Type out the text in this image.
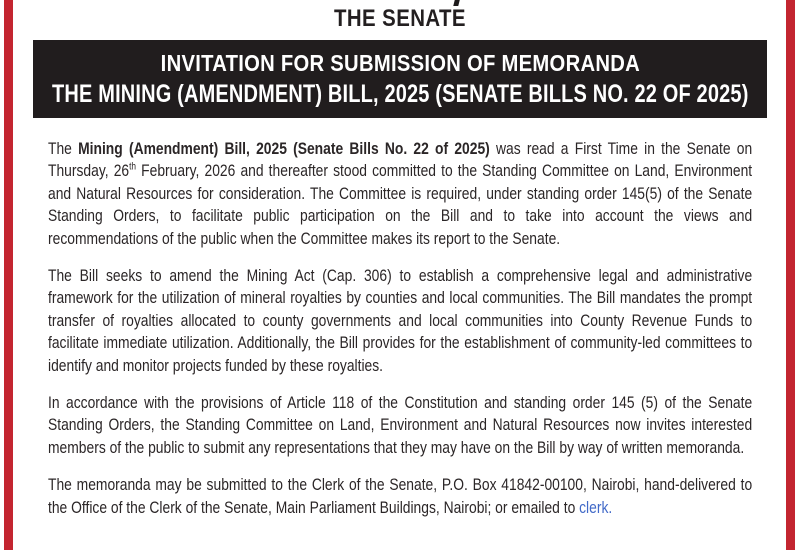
THE SENATE
INVITATION FOR SUBMISSION OF MEMORANDA
THE MINING (AMENDMENT) BILL, 2025 (SENATE BILLS NO. 22 OF 2025)

The Mining (Amendment) Bill, 2025 (Senate Bills No. 22 of 2025) was read a First Time in the Senate on Thursday, 26th February, 2026 and thereafter stood committed to the Standing Committee on Land, Environment and Natural Resources for consideration. The Committee is required, under standing order 145(5) of the Senate Standing Orders, to facilitate public participation on the Bill and to take into account the views and recommendations of the public when the Committee makes its report to the Senate.

The Bill seeks to amend the Mining Act (Cap. 306) to establish a comprehensive legal and administrative framework for the utilization of mineral royalties by counties and local communities. The Bill mandates the prompt transfer of royalties allocated to county governments and local communities into County Revenue Funds to facilitate immediate utilization. Additionally, the Bill provides for the establishment of community-led committees to identify and monitor projects funded by these royalties.

In accordance with the provisions of Article 118 of the Constitution and standing order 145 (5) of the Senate Standing Orders, the Standing Committee on Land, Environment and Natural Resources now invites interested members of the public to submit any representations that they may have on the Bill by way of written memoranda.

The memoranda may be submitted to the Clerk of the Senate, P.O. Box 41842-00100, Nairobi, hand-delivered to the Office of the Clerk of the Senate, Main Parliament Buildings, Nairobi; or emailed to clerk.
